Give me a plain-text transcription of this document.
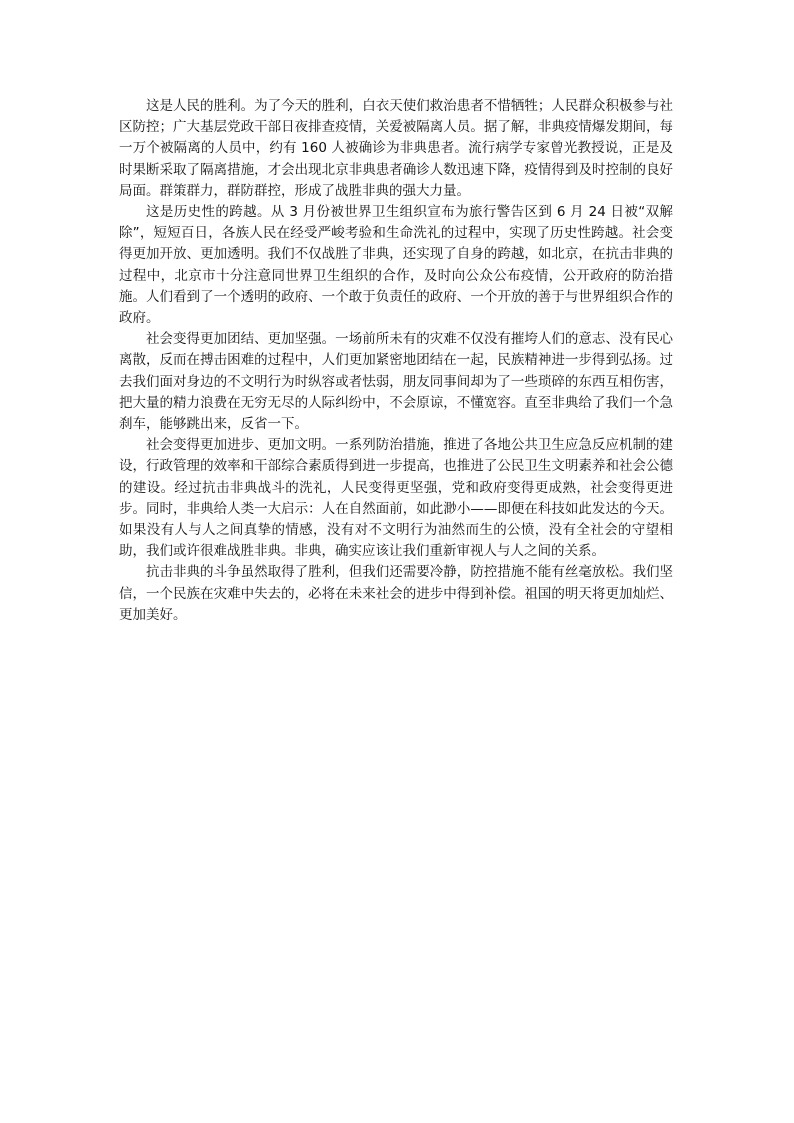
这是人民的胜利。为了今天的胜利，白衣天使们救治患者不惜牺牲；人民群众积极参与社区防控；广大基层党政干部日夜排查疫情，关爱被隔离人员。据了解，非典疫情爆发期间，每一万个被隔离的人员中，约有 160 人被确诊为非典患者。流行病学专家曾光教授说，正是及时果断采取了隔离措施，才会出现北京非典患者确诊人数迅速下降，疫情得到及时控制的良好局面。群策群力，群防群控，形成了战胜非典的强大力量。

这是历史性的跨越。从 3 月份被世界卫生组织宣布为旅行警告区到 6 月 24 日被“双解除”，短短百日，各族人民在经受严峻考验和生命洗礼的过程中，实现了历史性跨越。社会变得更加开放、更加透明。我们不仅战胜了非典，还实现了自身的跨越，如北京，在抗击非典的过程中，北京市十分注意同世界卫生组织的合作，及时向公众公布疫情，公开政府的防治措施。人们看到了一个透明的政府、一个敢于负责任的政府、一个开放的善于与世界组织合作的政府。

社会变得更加团结、更加坚强。一场前所未有的灾难不仅没有摧垮人们的意志、没有民心离散，反而在搏击困难的过程中，人们更加紧密地团结在一起，民族精神进一步得到弘扬。过去我们面对身边的不文明行为时纵容或者怯弱，朋友同事间却为了一些琐碎的东西互相伤害，把大量的精力浪费在无穷无尽的人际纠纷中，不会原谅，不懂宽容。直至非典给了我们一个急刹车，能够跳出来，反省一下。

社会变得更加进步、更加文明。一系列防治措施，推进了各地公共卫生应急反应机制的建设，行政管理的效率和干部综合素质得到进一步提高，也推进了公民卫生文明素养和社会公德的建设。经过抗击非典战斗的洗礼，人民变得更坚强，党和政府变得更成熟，社会变得更进步。同时，非典给人类一大启示：人在自然面前，如此渺小——即便在科技如此发达的今天。如果没有人与人之间真挚的情感，没有对不文明行为油然而生的公愤，没有全社会的守望相助，我们或许很难战胜非典。非典，确实应该让我们重新审视人与人之间的关系。

抗击非典的斗争虽然取得了胜利，但我们还需要冷静，防控措施不能有丝毫放松。我们坚信，一个民族在灾难中失去的，必将在未来社会的进步中得到补偿。祖国的明天将更加灿烂、更加美好。
